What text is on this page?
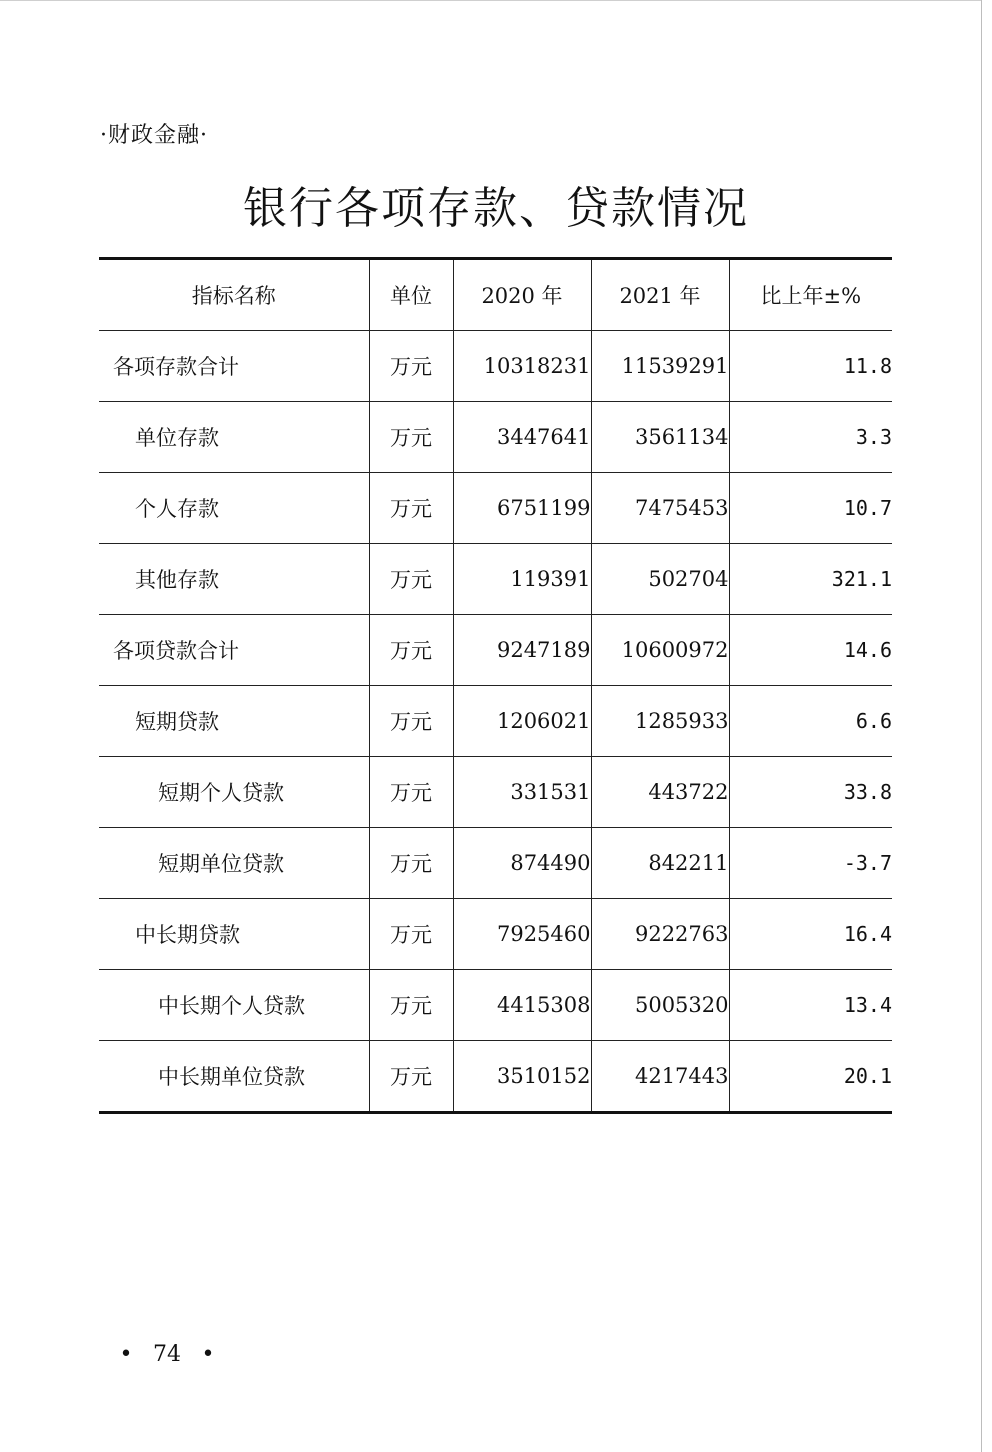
·财政金融·
银行各项存款、贷款情况
指标名称	单位	2020 年	2021 年	比上年±%
各项存款合计	万元	10318231	11539291	11.8
单位存款	万元	3447641	3561134	3.3
个人存款	万元	6751199	7475453	10.7
其他存款	万元	119391	502704	321.1
各项贷款合计	万元	9247189	10600972	14.6
短期贷款	万元	1206021	1285933	6.6
短期个人贷款	万元	331531	443722	33.8
短期单位贷款	万元	874490	842211	-3.7
中长期贷款	万元	7925460	9222763	16.4
中长期个人贷款	万元	4415308	5005320	13.4
中长期单位贷款	万元	3510152	4217443	20.1
• 74 •
